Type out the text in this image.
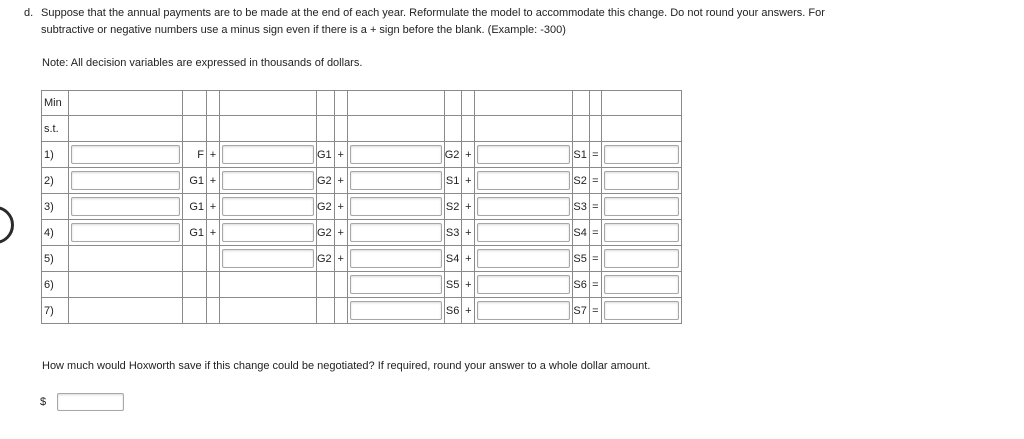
d. Suppose that the annual payments are to be made at the end of each year. Reformulate the model to accommodate this change. Do not round your answers. For
subtractive or negative numbers use a minus sign even if there is a + sign before the blank. (Example: -300)
Note: All decision variables are expressed in thousands of dollars.
Min													
s.t.													
1)		F	+		G1	+		G2	+		S1	=	

2)		G1	+		G2	+		S1	+		S2	=	

3)		G1	+		G2	+		S2	+		S3	=	

4)		G1	+		G2	+		S3	+		S4	=	

5)					G2	+		S4	+		S5	=	

6)								S5	+		S6	=	

7)								S6	+		S7	=	
How much would Hoxworth save if this change could be negotiated? If required, round your answer to a whole dollar amount.
$
